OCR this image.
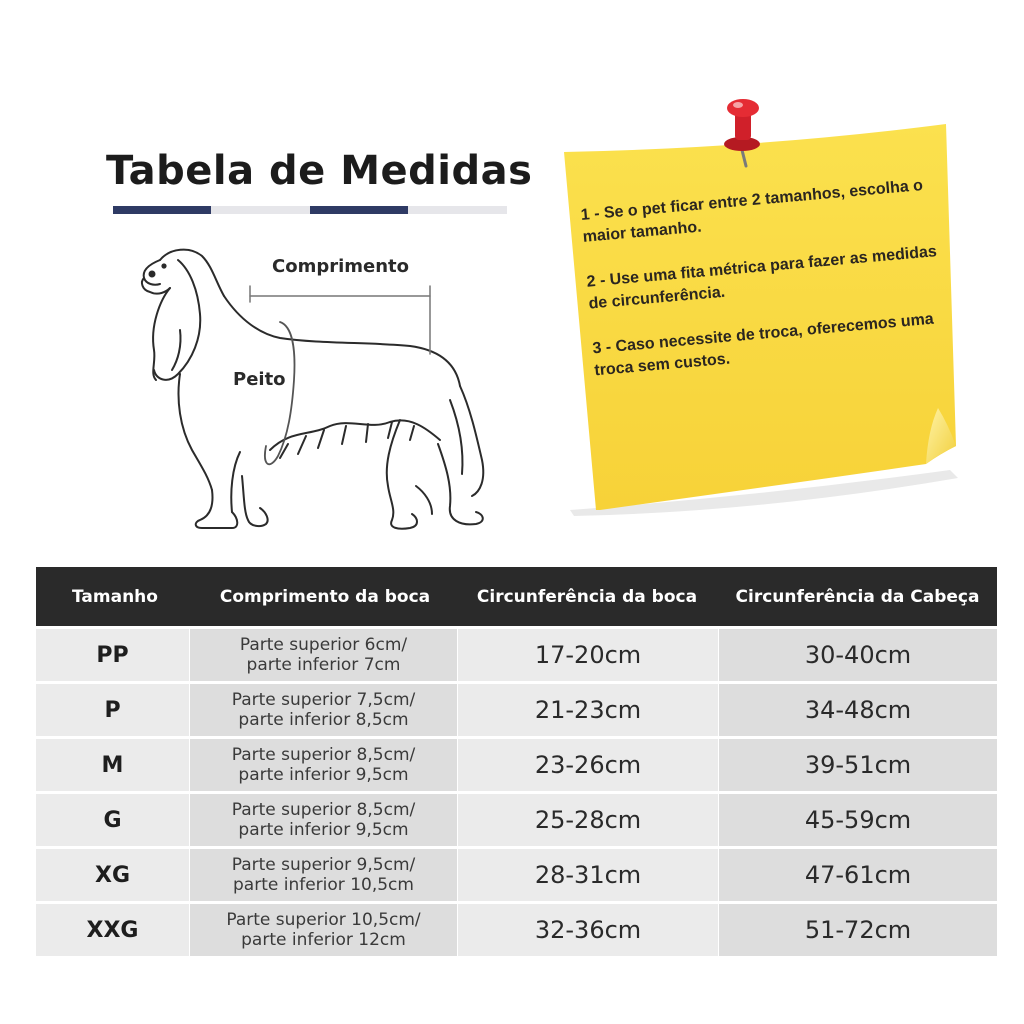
Tabela de Medidas
Comprimento
Peito

1 - Se o pet ficar entre 2 tamanhos, escolha o maior tamanho.

2 - Use uma fita métrica para fazer as medidas de circunferência.

3 - Caso necessite de troca, oferecemos uma troca sem custos.

Tamanho	Comprimento da boca	Circunferência da boca	Circunferência da Cabeça
PP	Parte superior 6cm/
parte inferior 7cm	17-20cm	30-40cm
P	Parte superior 7,5cm/
parte inferior 8,5cm	21-23cm	34-48cm
M	Parte superior 8,5cm/
parte inferior 9,5cm	23-26cm	39-51cm
G	Parte superior 8,5cm/
parte inferior 9,5cm	25-28cm	45-59cm
XG	Parte superior 9,5cm/
parte inferior 10,5cm	28-31cm	47-61cm
XXG	Parte superior 10,5cm/
parte inferior 12cm	32-36cm	51-72cm
